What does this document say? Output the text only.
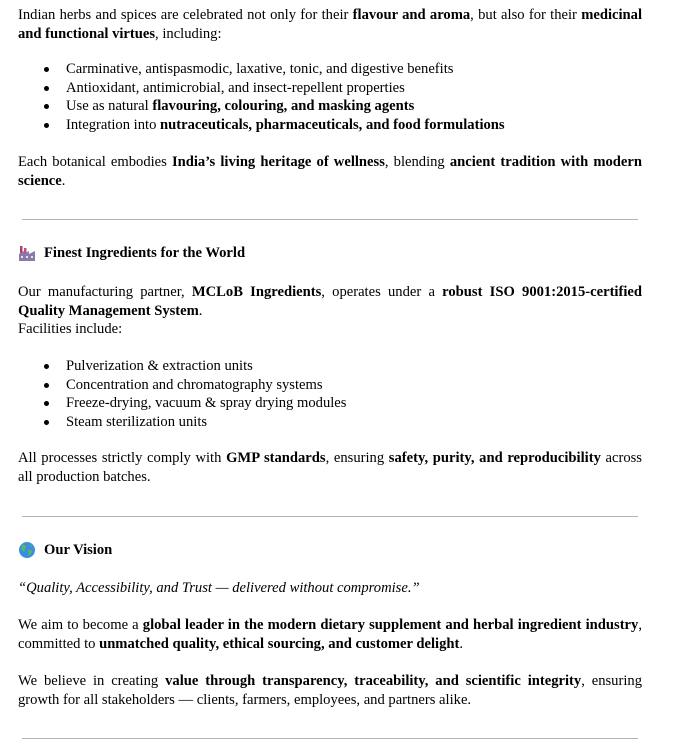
Indian herbs and spices are celebrated not only for their flavour and aroma, but also for their medicinal and functional virtues, including:

Carminative, antispasmodic, laxative, tonic, and digestive benefits
Antioxidant, antimicrobial, and insect-repellent properties
Use as natural flavouring, colouring, and masking agents
Integration into nutraceuticals, pharmaceuticals, and food formulations

Each botanical embodies India’s living heritage of wellness, blending ancient tradition with modern science.

Finest Ingredients for the World

Our manufacturing partner, MCLoB Ingredients, operates under a robust ISO 9001:2015-certified Quality Management System.

Facilities include:

Pulverization & extraction units
Concentration and chromatography systems
Freeze-drying, vacuum & spray drying modules
Steam sterilization units

All processes strictly comply with GMP standards, ensuring safety, purity, and reproducibility across all production batches.

Our Vision

“Quality, Accessibility, and Trust — delivered without compromise.”

We aim to become a global leader in the modern dietary supplement and herbal ingredient industry, committed to unmatched quality, ethical sourcing, and customer delight.

We believe in creating value through transparency, traceability, and scientific integrity, ensuring growth for all stakeholders — clients, farmers, employees, and partners alike.
